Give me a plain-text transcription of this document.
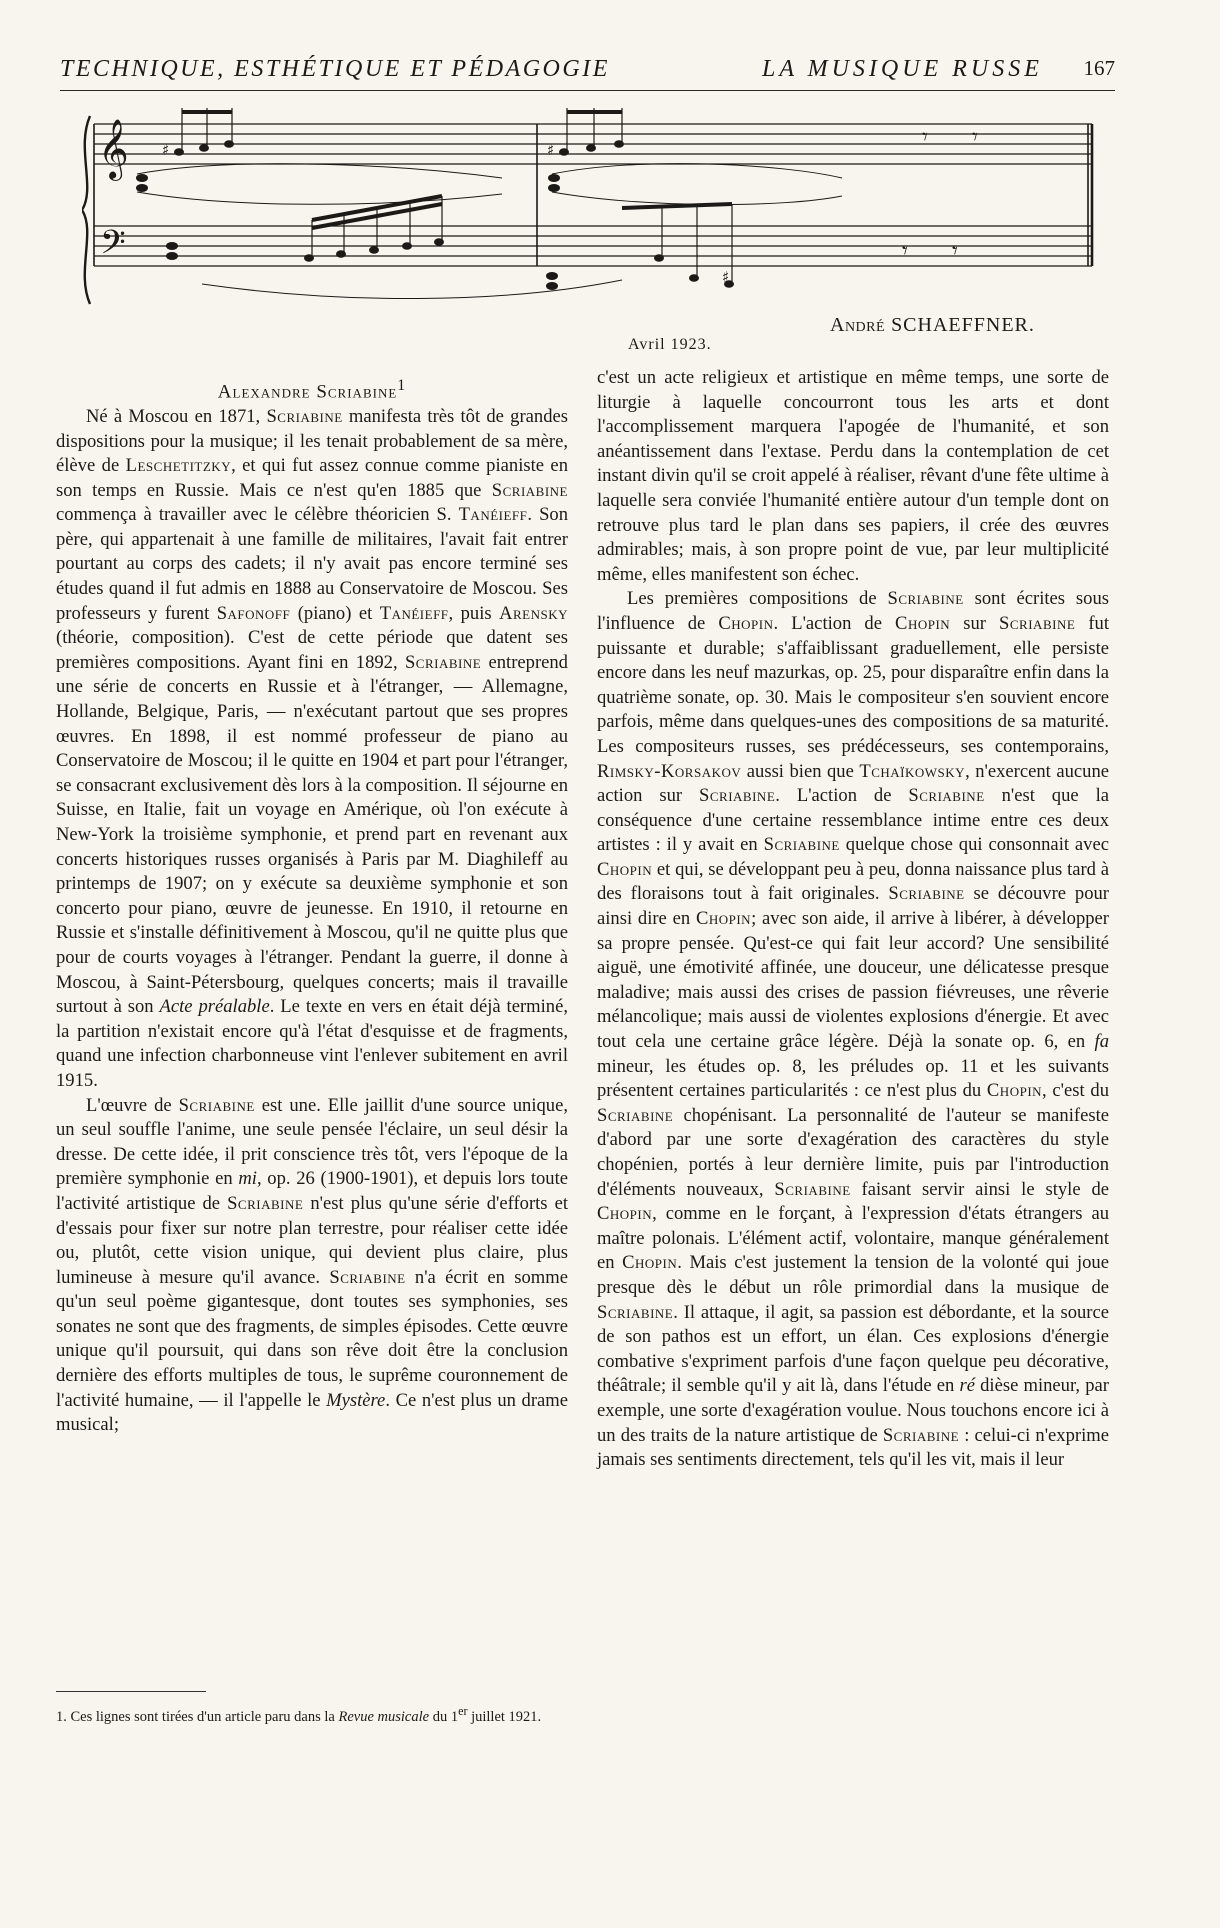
TECHNIQUE, ESTHÉTIQUE ET PÉDAGOGIE	LA MUSIQUE RUSSE 167
𝄞
𝄢
𝄾 𝄾
𝄾 𝄾
♯	♯
♯
André SCHAEFFNER.
Avril 1923.

Alexandre Scriabine$^1$

Né à Moscou en 1871, Scriabine manifesta très tôt de grandes dispositions pour la musique; il les tenait probablement de sa mère, élève de Leschetitzky, et qui fut assez connue comme pianiste en son temps en Russie. Mais ce n'est qu'en 1885 que Scriabine commença à travailler avec le célèbre théoricien S. Tanéieff. Son père, qui appartenait à une famille de militaires, l'avait fait entrer pourtant au corps des cadets; il n'y avait pas encore terminé ses études quand il fut admis en 1888 au Conservatoire de Moscou. Ses professeurs y furent Safonoff (piano) et Tanéieff, puis Arensky (théorie, composition). C'est de cette période que datent ses premières compositions. Ayant fini en 1892, Scriabine entreprend une série de concerts en Russie et à l'étranger, — Allemagne, Hollande, Belgique, Paris, — n'exécutant partout que ses propres œuvres. En 1898, il est nommé professeur de piano au Conservatoire de Moscou; il le quitte en 1904 et part pour l'étranger, se consacrant exclusivement dès lors à la composition. Il séjourne en Suisse, en Italie, fait un voyage en Amérique, où l'on exécute à New-York la troisième symphonie, et prend part en revenant aux concerts historiques russes organisés à Paris par M. Diaghileff au printemps de 1907; on y exécute sa deuxième symphonie et son concerto pour piano, œuvre de jeunesse. En 1910, il retourne en Russie et s'installe définitivement à Moscou, qu'il ne quitte plus que pour de courts voyages à l'étranger. Pendant la guerre, il donne à Moscou, à Saint-Pétersbourg, quelques concerts; mais il travaille surtout à son Acte préalable. Le texte en vers en était déjà terminé, la partition n'existait encore qu'à l'état d'esquisse et de fragments, quand une infection charbonneuse vint l'enlever subitement en avril 1915.

L'œuvre de Scriabine est une. Elle jaillit d'une source unique, un seul souffle l'anime, une seule pensée l'éclaire, un seul désir la dresse. De cette idée, il prit conscience très tôt, vers l'époque de la première symphonie en mi, op. 26 (1900-1901), et depuis lors toute l'activité artistique de Scriabine n'est plus qu'une série d'efforts et d'essais pour fixer sur notre plan terrestre, pour réaliser cette idée ou, plutôt, cette vision unique, qui devient plus claire, plus lumineuse à mesure qu'il avance. Scriabine n'a écrit en somme qu'un seul poème gigantesque, dont toutes ses symphonies, ses sonates ne sont que des fragments, de simples épisodes. Cette œuvre unique qu'il poursuit, qui dans son rêve doit être la conclusion dernière des efforts multiples de tous, le suprême couronnement de l'activité humaine, — il l'appelle le Mystère. Ce n'est plus un drame musical;

c'est un acte religieux et artistique en même temps, une sorte de liturgie à laquelle concourront tous les arts et dont l'accomplissement marquera l'apogée de l'humanité, et son anéantissement dans l'extase. Perdu dans la contemplation de cet instant divin qu'il se croit appelé à réaliser, rêvant d'une fête ultime à laquelle sera conviée l'humanité entière autour d'un temple dont on retrouve plus tard le plan dans ses papiers, il crée des œuvres admirables; mais, à son propre point de vue, par leur multiplicité même, elles manifestent son échec.

Les premières compositions de Scriabine sont écrites sous l'influence de Chopin. L'action de Chopin sur Scriabine fut puissante et durable; s'affaiblissant graduellement, elle persiste encore dans les neuf mazurkas, op. 25, pour disparaître enfin dans la quatrième sonate, op. 30. Mais le compositeur s'en souvient encore parfois, même dans quelques-unes des compositions de sa maturité. Les compositeurs russes, ses prédécesseurs, ses contemporains, Rimsky-Korsakov aussi bien que Tchaïkowsky, n'exercent aucune action sur Scriabine. L'action de Scriabine n'est que la conséquence d'une certaine ressemblance intime entre ces deux artistes : il y avait en Scriabine quelque chose qui consonnait avec Chopin et qui, se développant peu à peu, donna naissance plus tard à des floraisons tout à fait originales. Scriabine se découvre pour ainsi dire en Chopin; avec son aide, il arrive à libérer, à développer sa propre pensée. Qu'est-ce qui fait leur accord? Une sensibilité aiguë, une émotivité affinée, une douceur, une délicatesse presque maladive; mais aussi des crises de passion fiévreuses, une rêverie mélancolique; mais aussi de violentes explosions d'énergie. Et avec tout cela une certaine grâce légère. Déjà la sonate op. 6, en fa mineur, les études op. 8, les préludes op. 11 et les suivants présentent certaines particularités : ce n'est plus du Chopin, c'est du Scriabine chopénisant. La personnalité de l'auteur se manifeste d'abord par une sorte d'exagération des caractères du style chopénien, portés à leur dernière limite, puis par l'introduction d'éléments nouveaux, Scriabine faisant servir ainsi le style de Chopin, comme en le forçant, à l'expression d'états étrangers au maître polonais. L'élément actif, volontaire, manque généralement en Chopin. Mais c'est justement la tension de la volonté qui joue presque dès le début un rôle primordial dans la musique de Scriabine. Il attaque, il agit, sa passion est débordante, et la source de son pathos est un effort, un élan. Ces explosions d'énergie combative s'expriment parfois d'une façon quelque peu décorative, théâtrale; il semble qu'il y ait là, dans l'étude en ré dièse mineur, par exemple, une sorte d'exagération voulue. Nous touchons encore ici à un des traits de la nature artistique de Scriabine : celui-ci n'exprime jamais ses sentiments directement, tels qu'il les vit, mais il leur

1. Ces lignes sont tirées d'un article paru dans la Revue musicale du 1er juillet 1921.
